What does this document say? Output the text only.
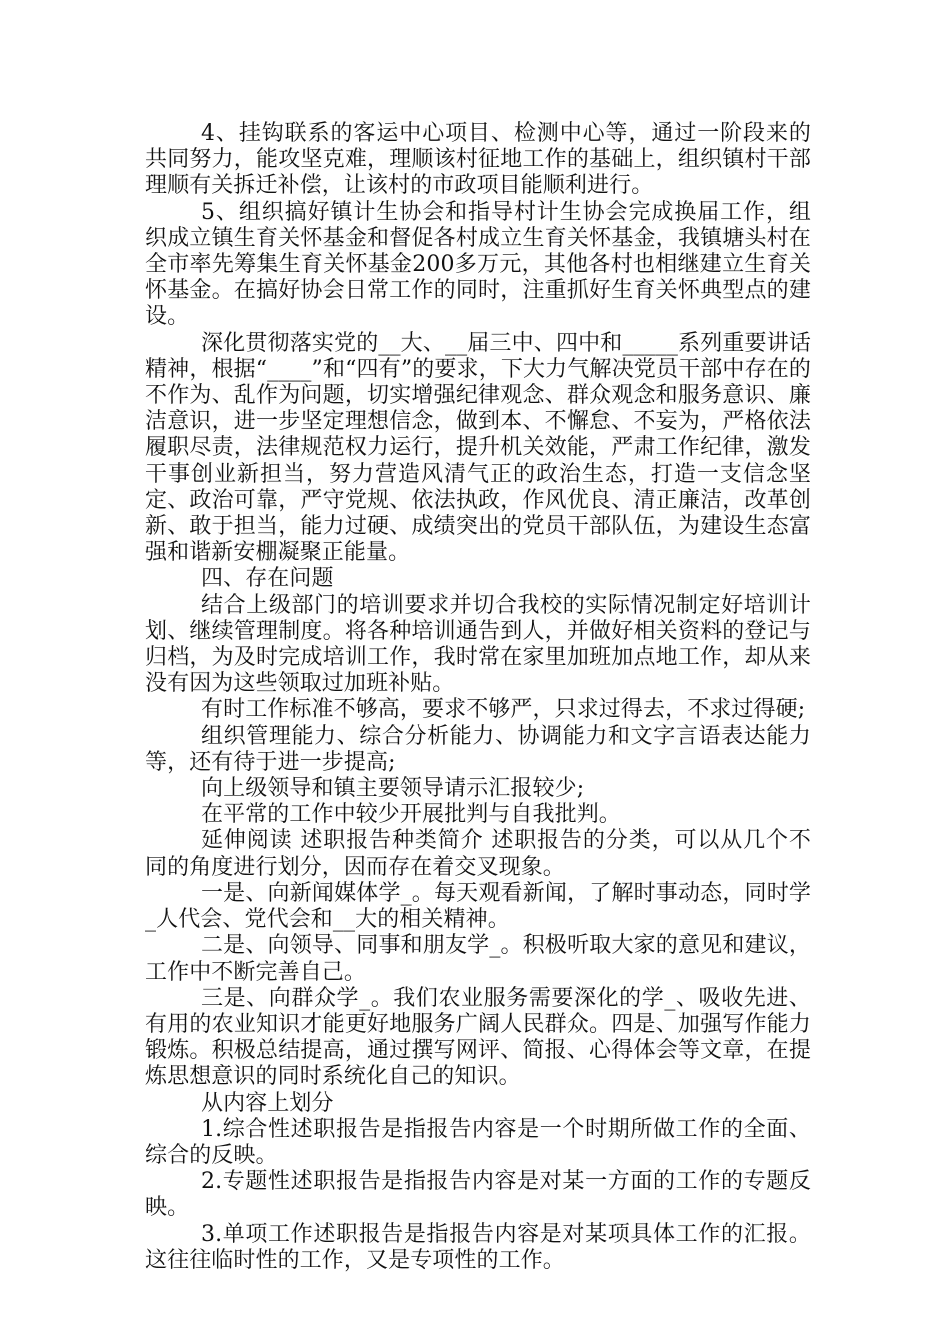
4、挂钩联系的客运中心项目、检测中心等，通过一阶段来的共同努力，能攻坚克难，理顺该村征地工作的基础上，组织镇村干部理顺有关拆迁补偿，让该村的市政项目能顺利进行。

5、组织搞好镇计生协会和指导村计生协会完成换届工作，组织成立镇生育关怀基金和督促各村成立生育关怀基金，我镇塘头村在全市率先筹集生育关怀基金200多万元，其他各村也相继建立生育关怀基金。在搞好协会日常工作的同时，注重抓好生育关怀典型点的建设。

深化贯彻落实党的__大、__届三中、四中和_____系列重要讲话精神，根据“____”和“四有”的要求，下大力气解决党员干部中存在的不作为、乱作为问题，切实增强纪律观念、群众观念和服务意识、廉洁意识，进一步坚定理想信念，做到本、不懈怠、不妄为，严格依法履职尽责，法律规范权力运行，提升机关效能，严肃工作纪律，激发干事创业新担当，努力营造风清气正的政治生态，打造一支信念坚定、政治可靠，严守党规、依法执政，作风优良、清正廉洁，改革创新、敢于担当，能力过硬、成绩突出的党员干部队伍，为建设生态富强和谐新安棚凝聚正能量。

四、存在问题

结合上级部门的培训要求并切合我校的实际情况制定好培训计划、继续管理制度。将各种培训通告到人，并做好相关资料的登记与归档，为及时完成培训工作，我时常在家里加班加点地工作，却从来没有因为这些领取过加班补贴。

有时工作标准不够高，要求不够严，只求过得去，不求过得硬;

组织管理能力、综合分析能力、协调能力和文字言语表达能力等，还有待于进一步提高;

向上级领导和镇主要领导请示汇报较少;

在平常的工作中较少开展批判与自我批判。

延伸阅读 述职报告种类简介 述职报告的分类，可以从几个不同的角度进行划分，因而存在着交叉现象。

一是、向新闻媒体学_。每天观看新闻，了解时事动态，同时学_人代会、党代会和__大的相关精神。

二是、向领导、同事和朋友学_。积极听取大家的意见和建议，工作中不断完善自己。

三是、向群众学_。我们农业服务需要深化的学_、吸收先进、有用的农业知识才能更好地服务广阔人民群众。四是、加强写作能力锻炼。积极总结提高，通过撰写网评、简报、心得体会等文章，在提炼思想意识的同时系统化自己的知识。

从内容上划分

1.综合性述职报告是指报告内容是一个时期所做工作的全面、综合的反映。

2.专题性述职报告是指报告内容是对某一方面的工作的专题反映。

3.单项工作述职报告是指报告内容是对某项具体工作的汇报。这往往临时性的工作，又是专项性的工作。
